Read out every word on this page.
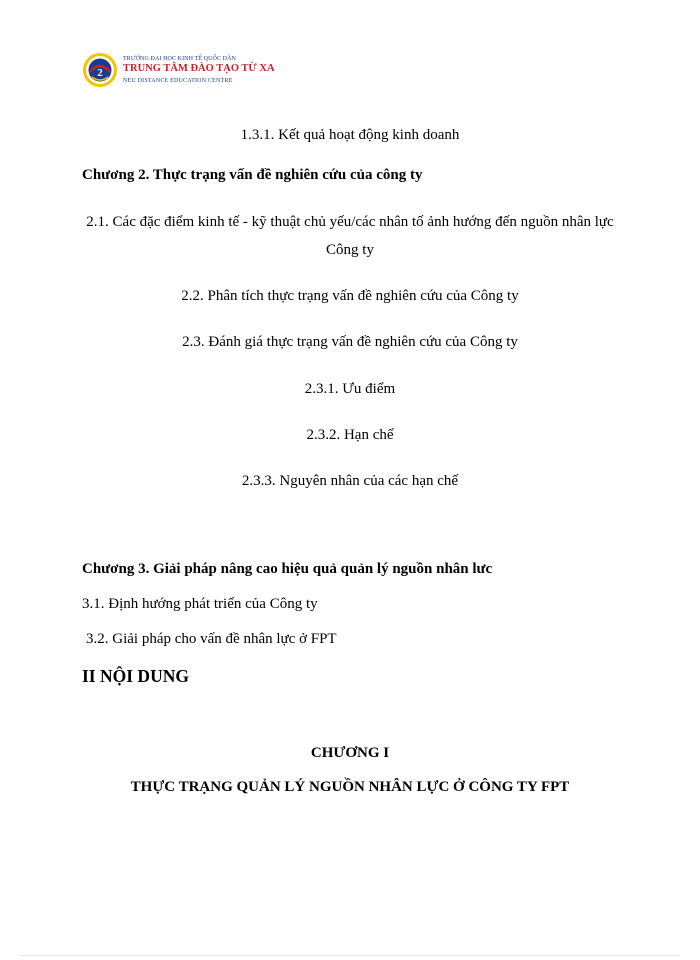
2
TRƯỜNG ĐẠI HỌC KINH TẾ QUỐC DÂN
TRUNG TÂM ĐÀO TẠO TỪ XA
NEU DISTANCE EDUCATION CENTRE
1.3.1. Kết quả hoạt động kinh doanh
Chương 2. Thực trạng vấn đề nghiên cứu của công ty
2.1. Các đặc điểm kinh tế - kỹ thuật chủ yếu/các nhân tố ảnh hướng đến nguồn nhân lực Công ty
2.2. Phân tích thực trạng vấn đề nghiên cứu của Công ty
2.3. Đánh giá thực trạng vấn đề nghiên cứu của Công ty
2.3.1. Ưu điểm
2.3.2. Hạn chế
2.3.3. Nguyên nhân của các hạn chế
Chương 3. Giải pháp nâng cao hiệu quả quản lý nguồn nhân lưc
3.1. Định hướng phát triển của Công ty
3.2. Giải pháp cho vấn đề nhân lực ở FPT
II NỘI DUNG
CHƯƠNG I
THỰC TRẠNG QUẢN LÝ NGUỒN NHÂN LỰC Ở CÔNG TY FPT
